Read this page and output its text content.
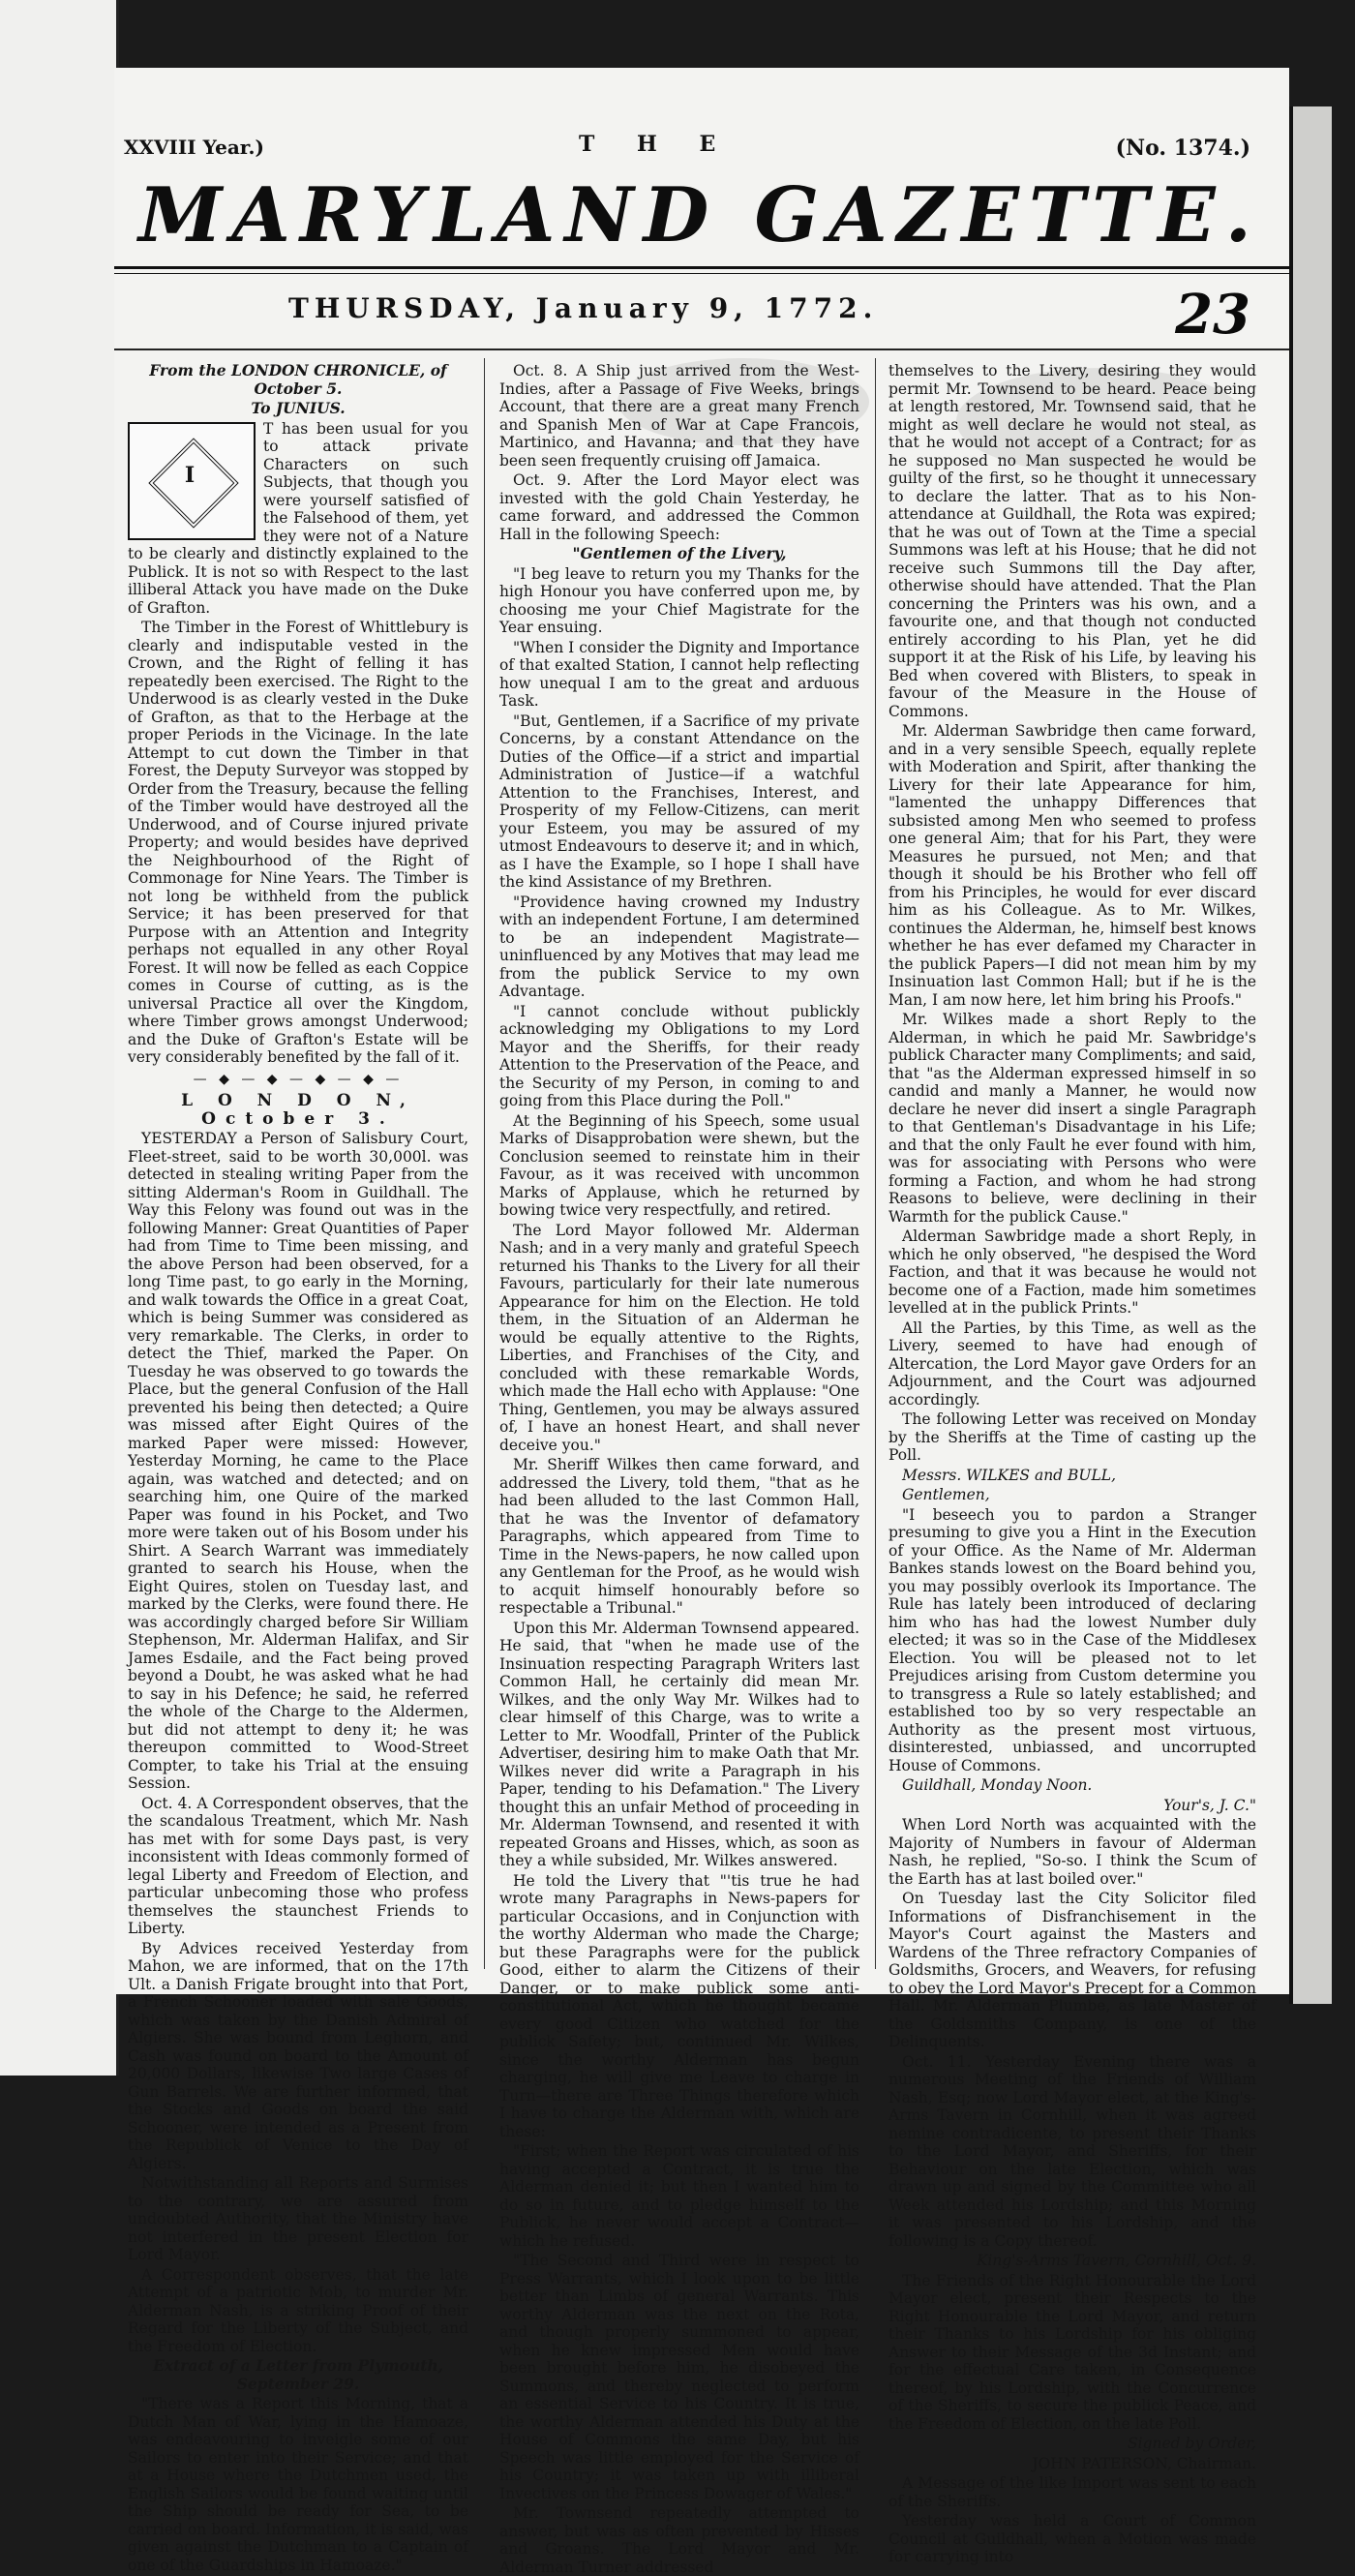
XXVIII Year.)	T H E	(No. 1374.)
MARYLAND GAZETTE.
THURSDAY, January 9, 1772.	23

From the LONDON CHRONICLE, of October 5.

To JUNIUS.

I

T has been usual for you to attack private Characters on such Subjects, that though you were yourself satisfied of the Falsehood of them, yet they were not of a Nature to be clearly and distinctly explained to the Publick. It is not so with Respect to the last illiberal Attack you have made on the Duke of Grafton.

The Timber in the Forest of Whittlebury is clearly and indisputable vested in the Crown, and the Right of felling it has repeatedly been exercised. The Right to the Underwood is as clearly vested in the Duke of Grafton, as that to the Herbage at the proper Periods in the Vicinage. In the late Attempt to cut down the Timber in that Forest, the Deputy Surveyor was stopped by Order from the Treasury, because the felling of the Timber would have destroyed all the Underwood, and of Course injured private Property; and would besides have deprived the Neighbourhood of the Right of Commonage for Nine Years. The Timber is not long be withheld from the publick Service; it has been preserved for that Purpose with an Attention and Integrity perhaps not equalled in any other Royal Forest. It will now be felled as each Coppice comes in Course of cutting, as is the universal Practice all over the Kingdom, where Timber grows amongst Underwood; and the Duke of Grafton's Estate will be very considerably benefited by the fall of it.

— ◆ — ◆ — ◆ — ◆ —

L O N D O N, October 3.

YESTERDAY a Person of Salisbury Court, Fleet-street, said to be worth 30,000l. was detected in stealing writing Paper from the sitting Alderman's Room in Guildhall. The Way this Felony was found out was in the following Manner: Great Quantities of Paper had from Time to Time been missing, and the above Person had been observed, for a long Time past, to go early in the Morning, and walk towards the Office in a great Coat, which is being Summer was considered as very remarkable. The Clerks, in order to detect the Thief, marked the Paper. On Tuesday he was observed to go towards the Place, but the general Confusion of the Hall prevented his being then detected; a Quire was missed after Eight Quires of the marked Paper were missed: However, Yesterday Morning, he came to the Place again, was watched and detected; and on searching him, one Quire of the marked Paper was found in his Pocket, and Two more were taken out of his Bosom under his Shirt. A Search Warrant was immediately granted to search his House, when the Eight Quires, stolen on Tuesday last, and marked by the Clerks, were found there. He was accordingly charged before Sir William Stephenson, Mr. Alderman Halifax, and Sir James Esdaile, and the Fact being proved beyond a Doubt, he was asked what he had to say in his Defence; he said, he referred the whole of the Charge to the Aldermen, but did not attempt to deny it; he was thereupon committed to Wood-Street Compter, to take his Trial at the ensuing Session.

Oct. 4. A Correspondent observes, that the the scandalous Treatment, which Mr. Nash has met with for some Days past, is very inconsistent with Ideas commonly formed of legal Liberty and Freedom of Election, and particular unbecoming those who profess themselves the staunchest Friends to Liberty.

By Advices received Yesterday from Mahon, we are informed, that on the 17th Ult. a Danish Frigate brought into that Port, a French Schooner loaded with sale Goods, which was taken by the Danish Admiral of Algiers. She was bound from Leghorn, and Cash was found on board to the Amount of 20,000 Dollars, likewise Two large Cases of Gun Barrels. We are further informed, that the Stocks and Goods on board the said Schooner, were intended as a Present from the Republick of Venice to the Day of Algiers.

Notwithstanding all Reports and Surmises to the contrary, we are assured from undoubted Authority, that the Ministry have not interfered in the present Election for Lord Mayor.

A Correspondent observes, that the late Attempt of a patriotic Mob, to murder Mr. Alderman Nash, is a striking Proof of their Regard for the Liberty of the Subject, and the Freedom of Election.

Extract of a Letter from Plymouth, September 29.

"There was a Report this Morning, that a Dutch Man of War, lying in the Hamoaze, was endeavouring to inveigle some of our Sailors to enter into their Service; and that at a House where the Dutchmen used, the English Sailors would be found waiting until the Ship should be ready for Sea, to be carried on board. Information, it is said, was given against the Dutchman to a Captain of one of the Guardships in Hamoaze."

Oct. 8. A Ship just arrived from the West-Indies, after a Passage of Five Weeks, brings Account, that there are a great many French and Spanish Men of War at Cape Francois, Martinico, and Havanna; and that they have been seen frequently cruising off Jamaica.

Oct. 9. After the Lord Mayor elect was invested with the gold Chain Yesterday, he came forward, and addressed the Common Hall in the following Speech:

"Gentlemen of the Livery,

"I beg leave to return you my Thanks for the high Honour you have conferred upon me, by choosing me your Chief Magistrate for the Year ensuing.

"When I consider the Dignity and Importance of that exalted Station, I cannot help reflecting how unequal I am to the great and arduous Task.

"But, Gentlemen, if a Sacrifice of my private Concerns, by a constant Attendance on the Duties of the Office—if a strict and impartial Administration of Justice—if a watchful Attention to the Franchises, Interest, and Prosperity of my Fellow-Citizens, can merit your Esteem, you may be assured of my utmost Endeavours to deserve it; and in which, as I have the Example, so I hope I shall have the kind Assistance of my Brethren.

"Providence having crowned my Industry with an independent Fortune, I am determined to be an independent Magistrate—uninfluenced by any Motives that may lead me from the publick Service to my own Advantage.

"I cannot conclude without publickly acknowledging my Obligations to my Lord Mayor and the Sheriffs, for their ready Attention to the Preservation of the Peace, and the Security of my Person, in coming to and going from this Place during the Poll."

At the Beginning of his Speech, some usual Marks of Disapprobation were shewn, but the Conclusion seemed to reinstate him in their Favour, as it was received with uncommon Marks of Applause, which he returned by bowing twice very respectfully, and retired.

The Lord Mayor followed Mr. Alderman Nash; and in a very manly and grateful Speech returned his Thanks to the Livery for all their Favours, particularly for their late numerous Appearance for him on the Election. He told them, in the Situation of an Alderman he would be equally attentive to the Rights, Liberties, and Franchises of the City, and concluded with these remarkable Words, which made the Hall echo with Applause: "One Thing, Gentlemen, you may be always assured of, I have an honest Heart, and shall never deceive you."

Mr. Sheriff Wilkes then came forward, and addressed the Livery, told them, "that as he had been alluded to the last Common Hall, that he was the Inventor of defamatory Paragraphs, which appeared from Time to Time in the News-papers, he now called upon any Gentleman for the Proof, as he would wish to acquit himself honourably before so respectable a Tribunal."

Upon this Mr. Alderman Townsend appeared. He said, that "when he made use of the Insinuation respecting Paragraph Writers last Common Hall, he certainly did mean Mr. Wilkes, and the only Way Mr. Wilkes had to clear himself of this Charge, was to write a Letter to Mr. Woodfall, Printer of the Publick Advertiser, desiring him to make Oath that Mr. Wilkes never did write a Paragraph in his Paper, tending to his Defamation." The Livery thought this an unfair Method of proceeding in Mr. Alderman Townsend, and resented it with repeated Groans and Hisses, which, as soon as they a while subsided, Mr. Wilkes answered.

He told the Livery that "'tis true he had wrote many Paragraphs in News-papers for particular Occasions, and in Conjunction with the worthy Alderman who made the Charge; but these Paragraphs were for the publick Good, either to alarm the Citizens of their Danger, or to make publick some anti-constitutional Act, which he thought became every good Citizen who watched for the publick Safety; but, continued Mr. Wilkes, since the worthy Alderman has begun charging, he will give me Leave to charge in Turn—there are Three Things therefore which I have to charge the Alderman with, which are these:

"First; when the Report was circulated of his having accepted a Contract, it is true the Alderman denied it; but then I wanted him to do so in future, and to pledge himself to the Publick, he never would accept a Contract—which he refused.

"The Second and Third were in respect to Press Warrants, which I look upon to be little better than Limbs of general Warrants. This worthy Alderman was the next on the Rota, and though properly summoned to appear, when he knew impressed Men would have been brought before him, he disobeyed the Summons, and thereby neglected to perform an essential Service to his Country. It is true, the worthy Alderman attended his Duty at the House of Commons the same Day, but his Speech was little employed for the Service of his Country; it was taken up with illiberal Invectives on the Princess Dowager of Wales."

Mr. Townsend repeatedly attempted to answer, but was as often prevented by Hisses and Groans. The Lord Mayor and Mr. Alderman Turner addressed

themselves to the Livery, desiring they would permit Mr. Townsend to be heard. Peace being at length restored, Mr. Townsend said, that he might as well declare he would not steal, as that he would not accept of a Contract; for as he supposed no Man suspected he would be guilty of the first, so he thought it unnecessary to declare the latter. That as to his Non-attendance at Guildhall, the Rota was expired; that he was out of Town at the Time a special Summons was left at his House; that he did not receive such Summons till the Day after, otherwise should have attended. That the Plan concerning the Printers was his own, and a favourite one, and that though not conducted entirely according to his Plan, yet he did support it at the Risk of his Life, by leaving his Bed when covered with Blisters, to speak in favour of the Measure in the House of Commons.

Mr. Alderman Sawbridge then came forward, and in a very sensible Speech, equally replete with Moderation and Spirit, after thanking the Livery for their late Appearance for him, "lamented the unhappy Differences that subsisted among Men who seemed to profess one general Aim; that for his Part, they were Measures he pursued, not Men; and that though it should be his Brother who fell off from his Principles, he would for ever discard him as his Colleague. As to Mr. Wilkes, continues the Alderman, he, himself best knows whether he has ever defamed my Character in the publick Papers—I did not mean him by my Insinuation last Common Hall; but if he is the Man, I am now here, let him bring his Proofs."

Mr. Wilkes made a short Reply to the Alderman, in which he paid Mr. Sawbridge's publick Character many Compliments; and said, that "as the Alderman expressed himself in so candid and manly a Manner, he would now declare he never did insert a single Paragraph to that Gentleman's Disadvantage in his Life; and that the only Fault he ever found with him, was for associating with Persons who were forming a Faction, and whom he had strong Reasons to believe, were declining in their Warmth for the publick Cause."

Alderman Sawbridge made a short Reply, in which he only observed, "he despised the Word Faction, and that it was because he would not become one of a Faction, made him sometimes levelled at in the publick Prints."

All the Parties, by this Time, as well as the Livery, seemed to have had enough of Altercation, the Lord Mayor gave Orders for an Adjournment, and the Court was adjourned accordingly.

The following Letter was received on Monday by the Sheriffs at the Time of casting up the Poll.

Messrs. WILKES and BULL,

Gentlemen,

"I beseech you to pardon a Stranger presuming to give you a Hint in the Execution of your Office. As the Name of Mr. Alderman Bankes stands lowest on the Board behind you, you may possibly overlook its Importance. The Rule has lately been introduced of declaring him who has had the lowest Number duly elected; it was so in the Case of the Middlesex Election. You will be pleased not to let Prejudices arising from Custom determine you to transgress a Rule so lately established; and established too by so very respectable an Authority as the present most virtuous, disinterested, unbiassed, and uncorrupted House of Commons.

Guildhall, Monday Noon.

Your's, J. C."

When Lord North was acquainted with the Majority of Numbers in favour of Alderman Nash, he replied, "So-so. I think the Scum of the Earth has at last boiled over."

On Tuesday last the City Solicitor filed Informations of Disfranchisement in the Mayor's Court against the Masters and Wardens of the Three refractory Companies of Goldsmiths, Grocers, and Weavers, for refusing to obey the Lord Mayor's Precept for a Common Hall. Mr. Alderman Plumbe, as late Master of the Goldsmiths Company, is one of the Delinquents.

Oct. 11. Yesterday Evening there was a numerous Meeting of the Friends of William Nash, Esq; now Lord Mayor elect, at the King's-Arms Tavern in Cornhill, when it was agreed nemine contradicente, to present their Thanks to the Lord Mayor, and Sheriffs, for their Behaviour on the late Election, which was drawn up and signed by the Committee who all Week attended his Lordship; and this Morning it was presented to his Lordship, and the following is a Copy thereof.

King's-Arms Tavern, Cornhill, Oct. 9.

The Friends of the Right Honourable the Lord Mayor elect, present their Respects to the Right Honourable the Lord Mayor, and return their Thanks to his Lordship for his obliging Answer to their Message of the 3d Instant; and for the effectual Care taken, in Consequence thereof, by his Lordship, with the Concurrence of the Sheriffs, to secure the publick Peace, and the Freedom of Election, on the late Poll.

Signed by Order,

JOHN PATERSON, Chairman.

A Message of the like Import was sent to each of the Sheriffs.

Yesterday was held a Court of Common Council at Guildhall, when a Motion was made for carrying into
